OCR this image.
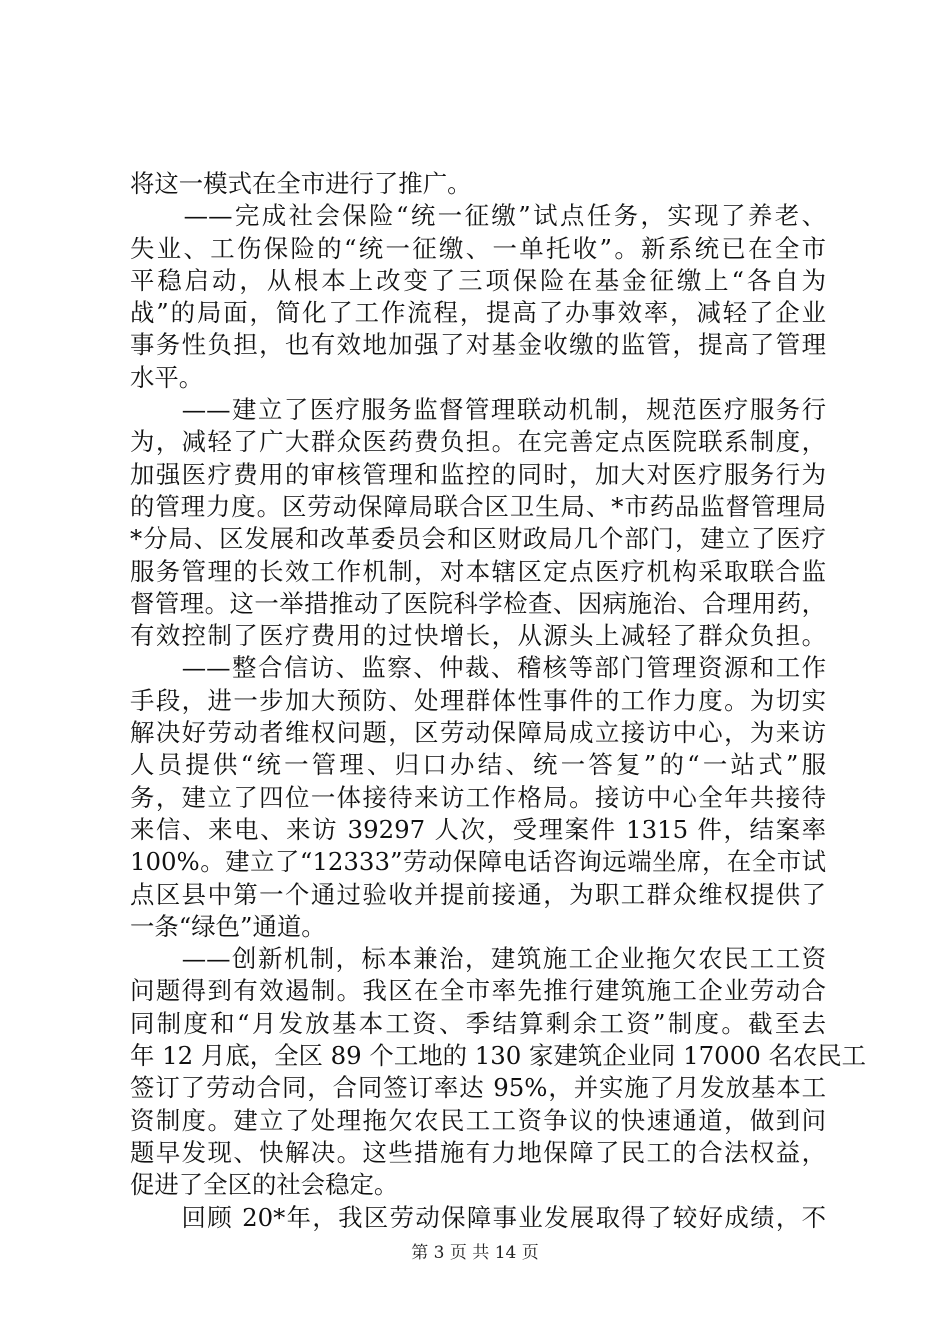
将这一模式在全市进行了推广。
　　——完成社会保险“统一征缴”试点任务，实现了养老、
失业、工伤保险的“统一征缴、一单托收”。新系统已在全市
平稳启动，从根本上改变了三项保险在基金征缴上“各自为
战”的局面，简化了工作流程，提高了办事效率，减轻了企业
事务性负担，也有效地加强了对基金收缴的监管，提高了管理
水平。
　　——建立了医疗服务监督管理联动机制，规范医疗服务行
为，减轻了广大群众医药费负担。在完善定点医院联系制度，
加强医疗费用的审核管理和监控的同时，加大对医疗服务行为
的管理力度。区劳动保障局联合区卫生局、*市药品监督管理局
*分局、区发展和改革委员会和区财政局几个部门，建立了医疗
服务管理的长效工作机制，对本辖区定点医疗机构采取联合监
督管理。这一举措推动了医院科学检查、因病施治、合理用药，
有效控制了医疗费用的过快增长，从源头上减轻了群众负担。
　　——整合信访、监察、仲裁、稽核等部门管理资源和工作
手段，进一步加大预防、处理群体性事件的工作力度。为切实
解决好劳动者维权问题，区劳动保障局成立接访中心，为来访
人员提供“统一管理、归口办结、统一答复”的“一站式”服
务，建立了四位一体接待来访工作格局。接访中心全年共接待
来信、来电、来访 39297 人次，受理案件 1315 件，结案率
100%。建立了“12333”劳动保障电话咨询远端坐席，在全市试
点区县中第一个通过验收并提前接通，为职工群众维权提供了
一条“绿色”通道。
　　——创新机制，标本兼治，建筑施工企业拖欠农民工工资
问题得到有效遏制。我区在全市率先推行建筑施工企业劳动合
同制度和“月发放基本工资、季结算剩余工资”制度。截至去
年 12 月底，全区 89 个工地的 130 家建筑企业同 17000 名农民工
签订了劳动合同，合同签订率达 95%，并实施了月发放基本工
资制度。建立了处理拖欠农民工工资争议的快速通道，做到问
题早发现、快解决。这些措施有力地保障了民工的合法权益，
促进了全区的社会稳定。
　　回顾 20*年，我区劳动保障事业发展取得了较好成绩，不
第 3 页 共 14 页
